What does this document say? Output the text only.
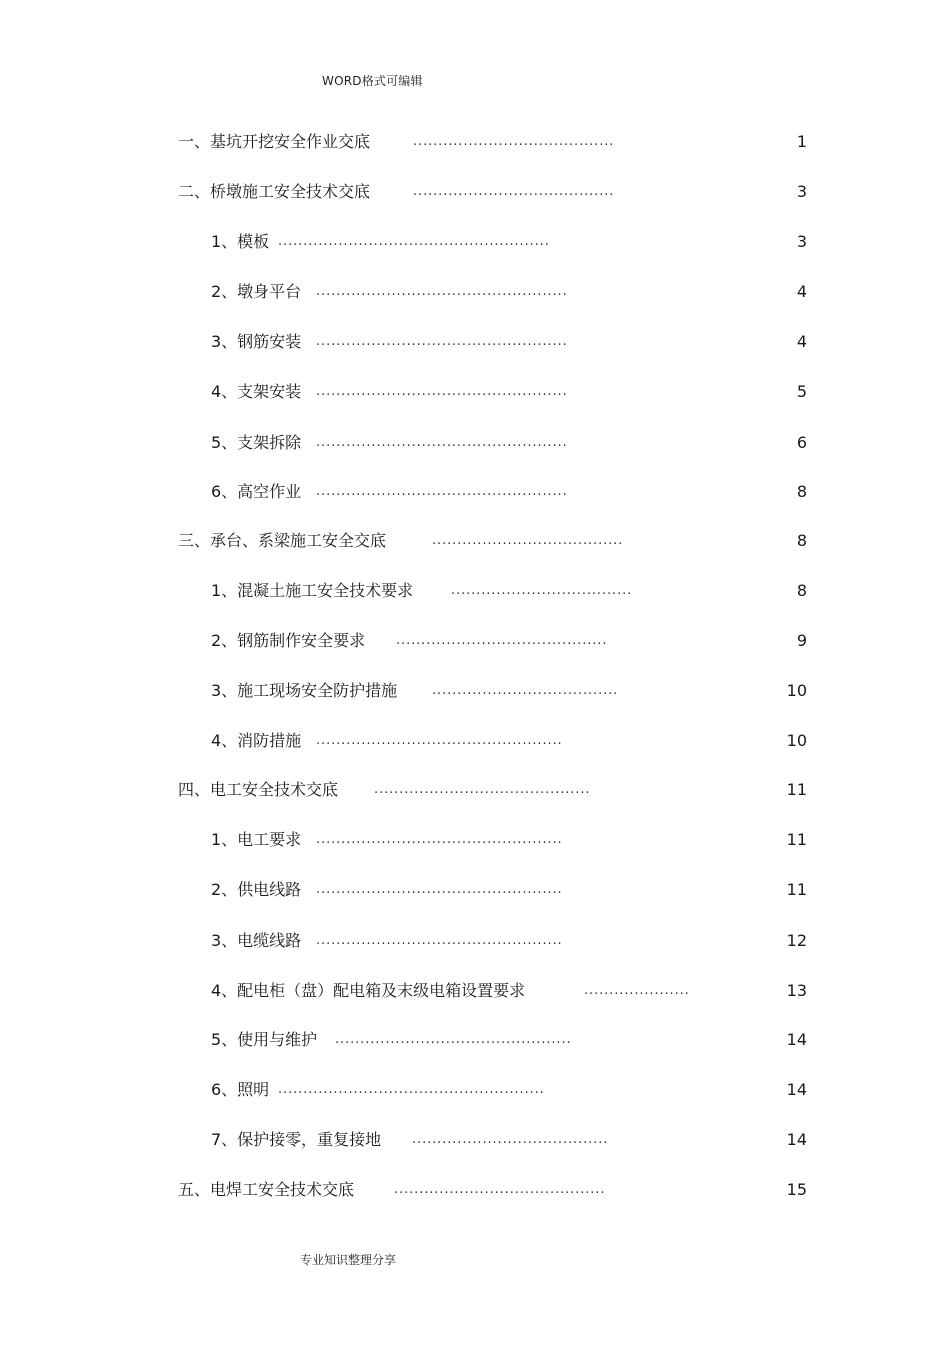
WORD格式可编辑
一、基坑开挖安全作业交底	........................................	1
二、桥墩施工安全技术交底	........................................	3
1、模板 ......................................................	3
2、墩身平台 ..................................................	4
3、钢筋安装 ..................................................	4
4、支架安装 ..................................................	5
5、支架拆除 ..................................................	6
6、高空作业 ..................................................	8
三、承台、系梁施工安全交底	......................................	8
1、混凝土施工安全技术要求	....................................	8
2、钢筋制作安全要求 ..........................................	9
3、施工现场安全防护措施	.....................................	10
4、消防措施 .................................................	10
四、电工安全技术交底	...........................................	11
1、电工要求 .................................................	11
2、供电线路 .................................................	11
3、电缆线路 .................................................	12
4、配电柜（盘）配电箱及末级电箱设置要求	.....................	13
5、使用与维护 ...............................................	14
6、照明 .....................................................	14
7、保护接零，重复接地 .......................................	14
五、电焊工安全技术交底	..........................................	15
专业知识整理分享
